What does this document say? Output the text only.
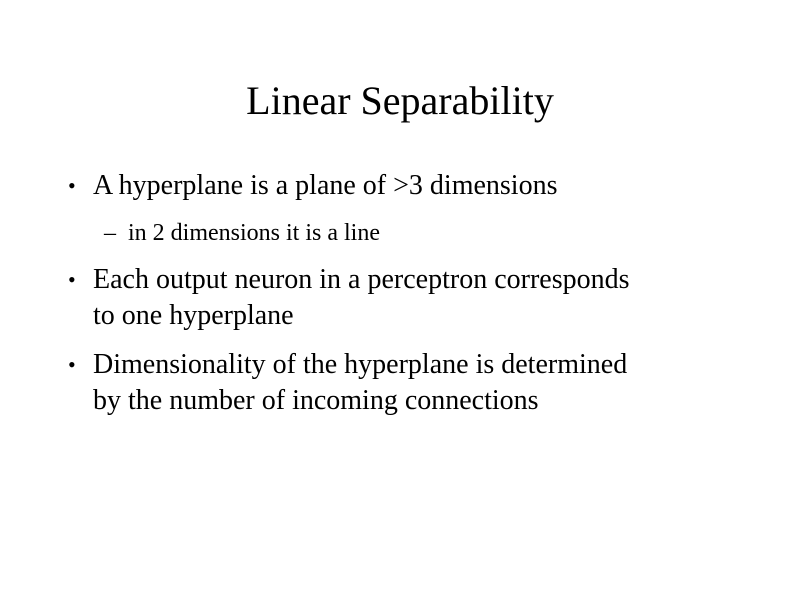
Linear Separability
• A hyperplane is a plane of >3 dimensions
– in 2 dimensions it is a line
• Each output neuron in a perceptron corresponds
to one hyperplane
• Dimensionality of the hyperplane is determined
by the number of incoming connections
